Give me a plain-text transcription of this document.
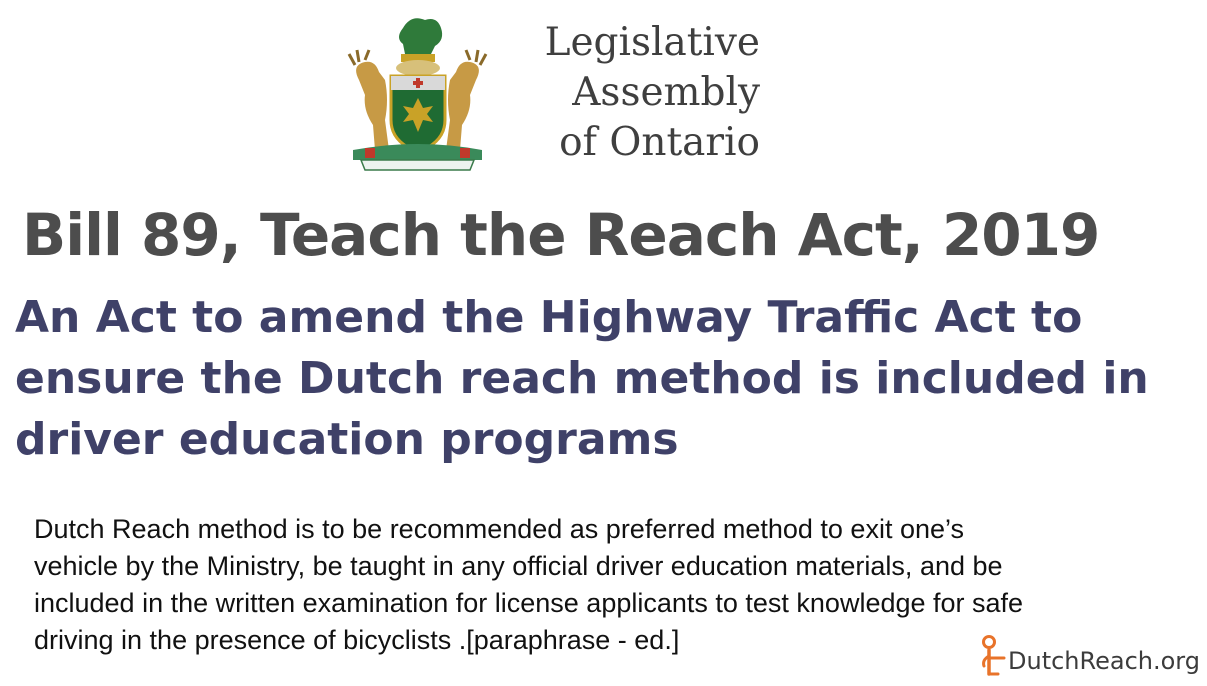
Legislative
Assembly
of Ontario
Bill 89, Teach the Reach Act, 2019
An Act to amend the Highway Traffic Act to
ensure the Dutch reach method is included in
driver education programs

Dutch Reach method is to be recommended as preferred method to exit one’s
vehicle by the Ministry, be taught in any official driver education materials, and be
included in the written examination for license applicants to test knowledge for safe
driving in the presence of bicyclists .[paraphrase - ed.]

DutchReach.org
